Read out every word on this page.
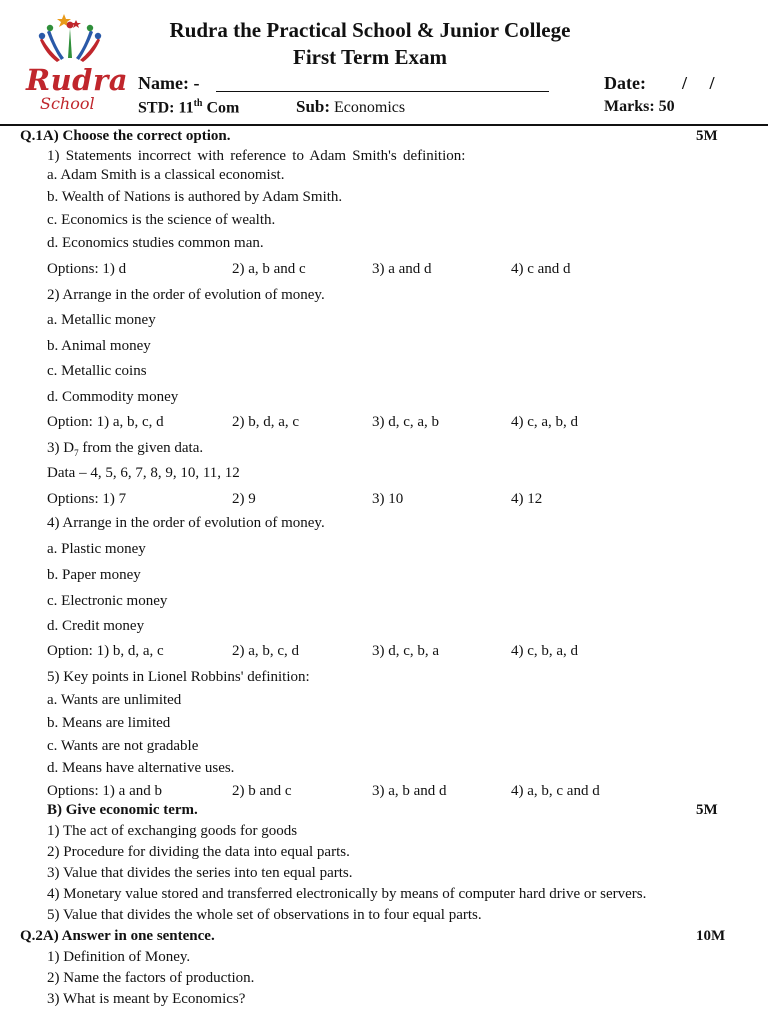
Rudra
School
Rudra the Practical School & Junior College
First Term Exam
Name: -	Date: /     /
STD: 11th Com	Sub: Economics	Marks: 50
Q.1A) Choose the correct option.	5M
1) Statements incorrect with reference to Adam Smith's definition:
a. Adam Smith is a classical economist.
b. Wealth of Nations is authored by Adam Smith.
c. Economics is the science of wealth.
d. Economics studies common man.
Options: 1) d	2) a, b and c	3) a and d	4) c and d
2) Arrange in the order of evolution of money.
a. Metallic money
b. Animal money
c. Metallic coins
d. Commodity money
Option: 1) a, b, c, d	2) b, d, a, c	3) d, c, a, b	4) c, a, b, d
3) $D_7$ from the given data.
Data – 4, 5, 6, 7, 8, 9, 10, 11, 12
Options: 1) 7	2) 9	3) 10	4) 12
4) Arrange in the order of evolution of money.
a. Plastic money
b. Paper money
c. Electronic money
d. Credit money
Option: 1) b, d, a, c	2) a, b, c, d	3) d, c, b, a	4) c, b, a, d
5) Key points in Lionel Robbins' definition:
a. Wants are unlimited
b. Means are limited
c. Wants are not gradable
d. Means have alternative uses.
Options: 1) a and b	2) b and c	3) a, b and d	4) a, b, c and d
B) Give economic term.	5M
1) The act of exchanging goods for goods
2) Procedure for dividing the data into equal parts.
3) Value that divides the series into ten equal parts.
4) Monetary value stored and transferred electronically by means of computer hard drive or servers.
5) Value that divides the whole set of observations in to four equal parts.
Q.2A) Answer in one sentence.	10M
1) Definition of Money.
2) Name the factors of production.
3) What is meant by Economics?
